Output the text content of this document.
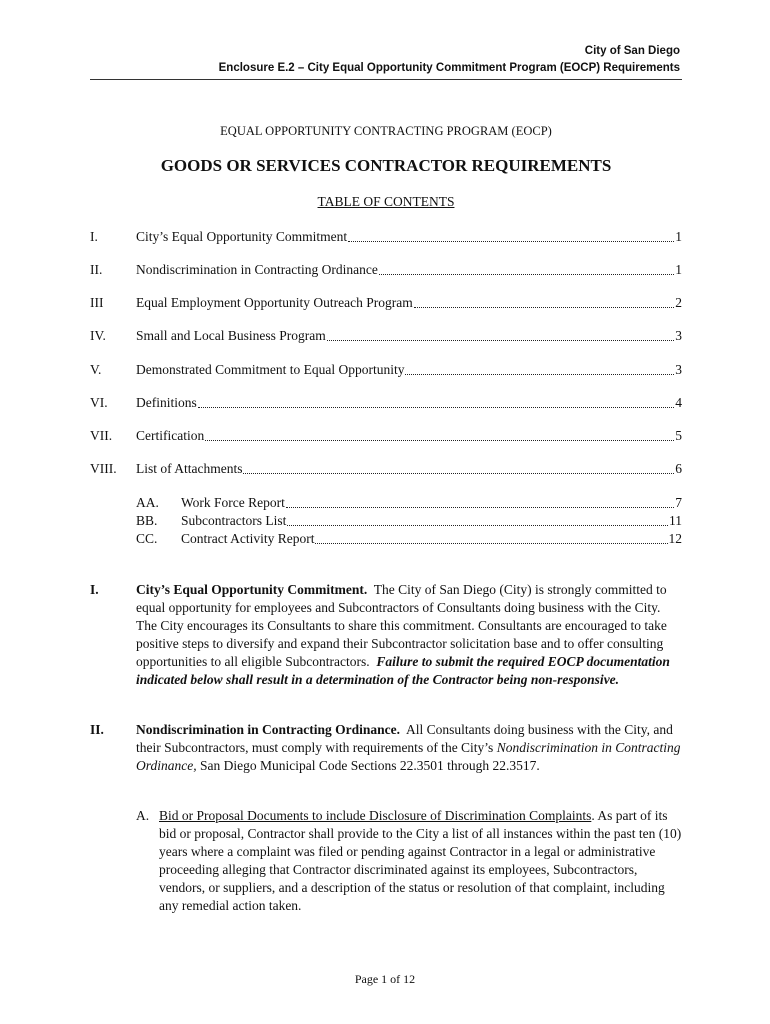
City of San Diego
Enclosure E.2 – City Equal Opportunity Commitment Program (EOCP) Requirements
EQUAL OPPORTUNITY CONTRACTING PROGRAM (EOCP)
GOODS OR SERVICES CONTRACTOR REQUIREMENTS
TABLE OF CONTENTS
I.	City’s Equal Opportunity Commitment	1
II. Nondiscrimination in Contracting Ordinance	1
III Equal Employment Opportunity Outreach Program	2
IV. Small and Local Business Program	3
V.	Demonstrated Commitment to Equal Opportunity	3
VI. Definitions	4
VII. Certification	5
VIII. List of Attachments	6
AA. Work Force Report	7
BB. Subcontractors List	11
CC. Contract Activity Report	12
I.	City’s Equal Opportunity Commitment. The City of San Diego (City) is strongly committed to equal opportunity for employees and Subcontractors of Consultants doing business with the City. The City encourages its Consultants to share this commitment. Consultants are encouraged to take positive steps to diversify and expand their Subcontractor solicitation base and to offer consulting opportunities to all eligible Subcontractors. Failure to submit the required EOCP documentation indicated below shall result in a determination of the Contractor being non-responsive.
II. Nondiscrimination in Contracting Ordinance. All Consultants doing business with the City, and their Subcontractors, must comply with requirements of the City’s Nondiscrimination in Contracting Ordinance, San Diego Municipal Code Sections 22.3501 through 22.3517.
A. Bid or Proposal Documents to include Disclosure of Discrimination Complaints. As part of its bid or proposal, Contractor shall provide to the City a list of all instances within the past ten (10) years where a complaint was filed or pending against Contractor in a legal or administrative proceeding alleging that Contractor discriminated against its employees, Subcontractors, vendors, or suppliers, and a description of the status or resolution of that complaint, including any remedial action taken.
Page 1 of 12
